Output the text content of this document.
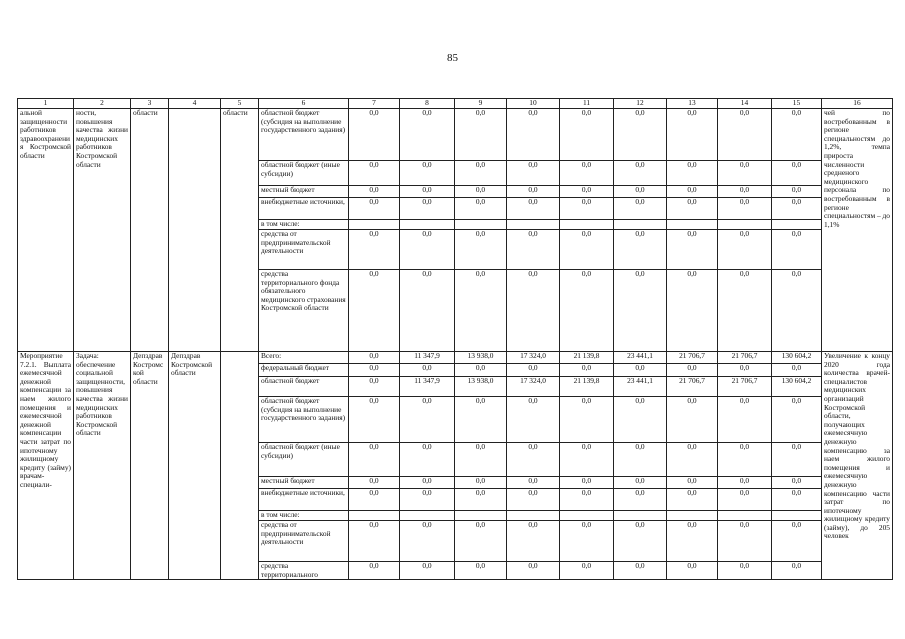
85
1	2	3	4	5	6	7	8	9	10	11	12	13	14	15	16
альной защищенности работников здравоохранения Костромской области	ности, повышения качества жизни медицинских работников Костромской области	области		области	областной бюджет (субсидия на выполнение государственного задания)	0,0	0,0	0,0	0,0	0,0	0,0	0,0	0,0	0,0	чей по востребованным в регионе специальностям до 1,2%, темпа прироста численности средненого медицинского персонала по востребованным в регионе специальностям – до 1,1%
					областной бюджет (иные субсидии)	0,0	0,0	0,0	0,0	0,0	0,0	0,0	0,0	0,0	
					местный бюджет	0,0	0,0	0,0	0,0	0,0	0,0	0,0	0,0	0,0	
					внебюджетные источники,	0,0	0,0	0,0	0,0	0,0	0,0	0,0	0,0	0,0	
					в том числе:										
					средства от предпринимательской деятельности	0,0	0,0	0,0	0,0	0,0	0,0	0,0	0,0	0,0	
					средства территориального фонда обязательного медицинского страхования Костромской области	0,0	0,0	0,0	0,0	0,0	0,0	0,0	0,0	0,0	
Мероприятие 7.2.1. Выплата ежемесячной денежной компенсации за наем жилого помещения и ежемесячной денежной компенсации части затрат по ипотечному жилищному кредиту (займу) врачам-специали-	Задача: обеспечение социальной защищенности, повышения качества жизни медицинских работников Костромской области	Депздрав Костромской области	Депздрав Костромской области		Всего:	0,0	11 347,9	13 938,0	17 324,0	21 139,8	23 441,1	21 706,7	21 706,7	130 604,2	Увеличение к концу 2020 года количества врачей-специалистов медицинских организаций Костромской области, получающих ежемесячную денежную компенсацию за наем жилого помещения и ежемесячную денежную компенсацию части затрат по ипотечному жилищному кредиту (займу), до 205 человек
					федеральный бюджет	0,0	0,0	0,0	0,0	0,0	0,0	0,0	0,0	0,0	
					областной бюджет	0,0	11 347,9	13 938,0	17 324,0	21 139,8	23 441,1	21 706,7	21 706,7	130 604,2	
					областной бюджет (субсидия на выполнение государственного задания)	0,0	0,0	0,0	0,0	0,0	0,0	0,0	0,0	0,0	
					областной бюджет (иные субсидии)	0,0	0,0	0,0	0,0	0,0	0,0	0,0	0,0	0,0	
					местный бюджет	0,0	0,0	0,0	0,0	0,0	0,0	0,0	0,0	0,0	
					внебюджетные источники,	0,0	0,0	0,0	0,0	0,0	0,0	0,0	0,0	0,0	
					в том числе:										
					средства от предпринимательской деятельности	0,0	0,0	0,0	0,0	0,0	0,0	0,0	0,0	0,0	
					средства территориального	0,0	0,0	0,0	0,0	0,0	0,0	0,0	0,0	0,0	
